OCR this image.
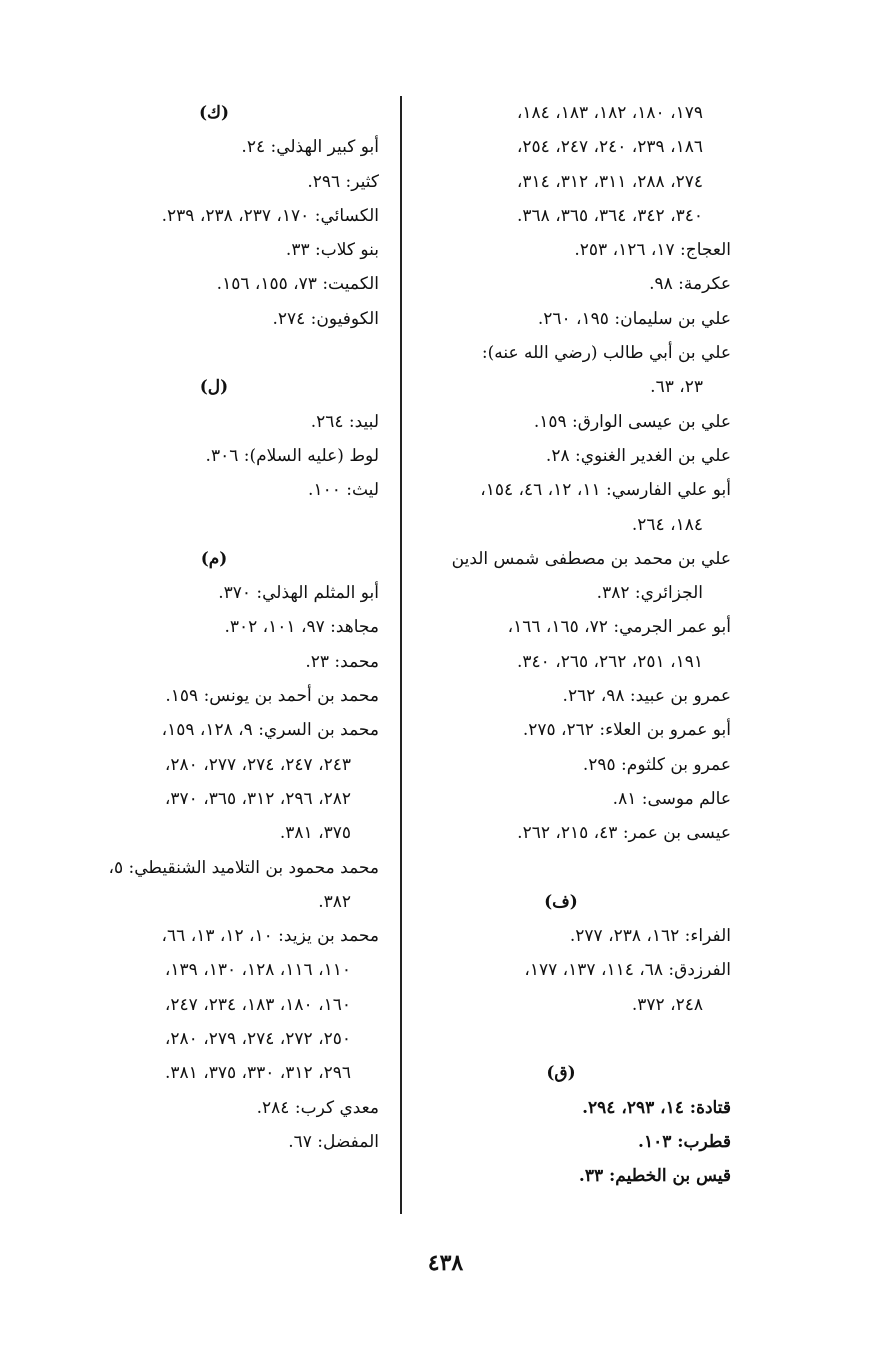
١٧٩، ١٨٠، ١٨٢، ١٨٣، ١٨٤،
١٨٦، ٢٣٩، ٢٤٠، ٢٤٧، ٢٥٤،
٢٧٤، ٢٨٨، ٣١١، ٣١٢، ٣١٤،
٣٤٠، ٣٤٢، ٣٦٤، ٣٦٥، ٣٦٨.
العجاج: ١٧، ١٢٦، ٢٥٣.
عكرمة: ٩٨.
علي بن سليمان: ١٩٥، ٢٦٠.
علي بن أبي طالب (رضي الله عنه):
٢٣، ٦٣.
علي بن عيسى الوارق: ١٥٩.
علي بن الغدير الغنوي: ٢٨.
أبو علي الفارسي: ١١، ١٢، ٤٦، ١٥٤،
١٨٤، ٢٦٤.
علي بن محمد بن مصطفى شمس الدين
الجزائري: ٣٨٢.
أبو عمر الجرمي: ٧٢، ١٦٥، ١٦٦،
١٩١، ٢٥١، ٢٦٢، ٢٦٥، ٣٤٠.
عمرو بن عبيد: ٩٨، ٢٦٢.
أبو عمرو بن العلاء: ٢٦٢، ٢٧٥.
عمرو بن كلثوم: ٢٩٥.
عالم موسى: ٨١.
عيسى بن عمر: ٤٣، ٢١٥، ٢٦٢.
(ف)
الفراء: ١٦٢، ٢٣٨، ٢٧٧.
الفرزدق: ٦٨، ١١٤، ١٣٧، ١٧٧،
٢٤٨، ٣٧٢.
(ق)
قتادة: ١٤، ٢٩٣، ٢٩٤.
قطرب: ١٠٣.
قيس بن الخطيم: ٣٣.
(ك)
أبو كبير الهذلي: ٢٤.
كثير: ٢٩٦.
الكسائي: ١٧٠، ٢٣٧، ٢٣٨، ٢٣٩.
بنو كلاب: ٣٣.
الكميت: ٧٣، ١٥٥، ١٥٦.
الكوفيون: ٢٧٤.
(ل)
لبيد: ٢٦٤.
لوط (عليه السلام): ٣٠٦.
ليث: ١٠٠.
(م)
أبو المثلم الهذلي: ٣٧٠.
مجاهد: ٩٧، ١٠١، ٣٠٢.
محمد: ٢٣.
محمد بن أحمد بن يونس: ١٥٩.
محمد بن السري: ٩، ١٢٨، ١٥٩،
٢٤٣، ٢٤٧، ٢٧٤، ٢٧٧، ٢٨٠،
٢٨٢، ٢٩٦، ٣١٢، ٣٦٥، ٣٧٠،
٣٧٥، ٣٨١.
محمد محمود بن التلاميد الشنقيطي: ٥،
٣٨٢.
محمد بن يزيد: ١٠، ١٢، ١٣، ٦٦،
١١٠، ١١٦، ١٢٨، ١٣٠، ١٣٩،
١٦٠، ١٨٠، ١٨٣، ٢٣٤، ٢٤٧،
٢٥٠، ٢٧٢، ٢٧٤، ٢٧٩، ٢٨٠،
٢٩٦، ٣١٢، ٣٣٠، ٣٧٥، ٣٨١.
معدي كرب: ٢٨٤.
المفضل: ٦٧.
٤٣٨
